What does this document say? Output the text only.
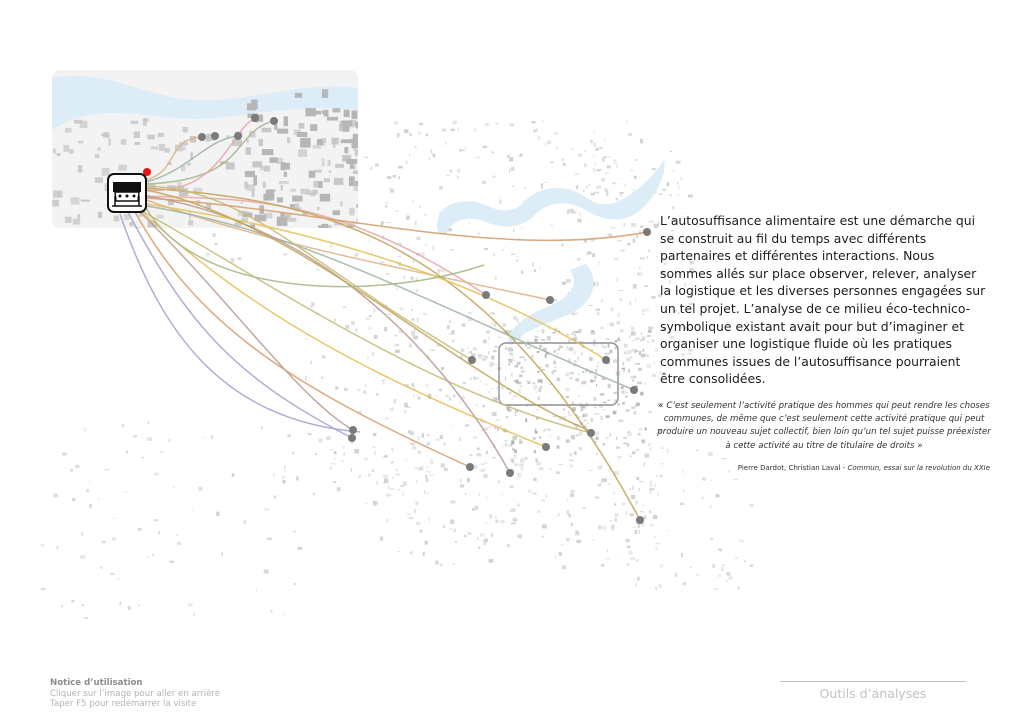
L’autosuffisance alimentaire est une démarche qui se construit au fil du temps avec différents partenaires et différentes interactions. Nous sommes allés sur place observer, relever, analyser la logistique et les diverses personnes engagées sur un tel projet. L’analyse de ce milieu éco-technico-symbolique existant avait pour but d’imaginer et organiser une logistique fluide où les pratiques communes issues de l’autosuffisance pourraient être consolidées.
« C’est seulement l’activité pratique des hommes qui peut rendre les choses communes, de même que c’est seulement cette activité pratique qui peut produire un nouveau sujet collectif, bien loin qu’un tel sujet puisse préexister à cette activité au titre de titulaire de droits »
Pierre Dardot, Christian Laval - Commun, essai sur la revolution du XXIe
Notice d’utilisation
Cliquer sur l’image pour aller en arrière
Taper F5 pour redémarrer la visite
Outils d’analyses
